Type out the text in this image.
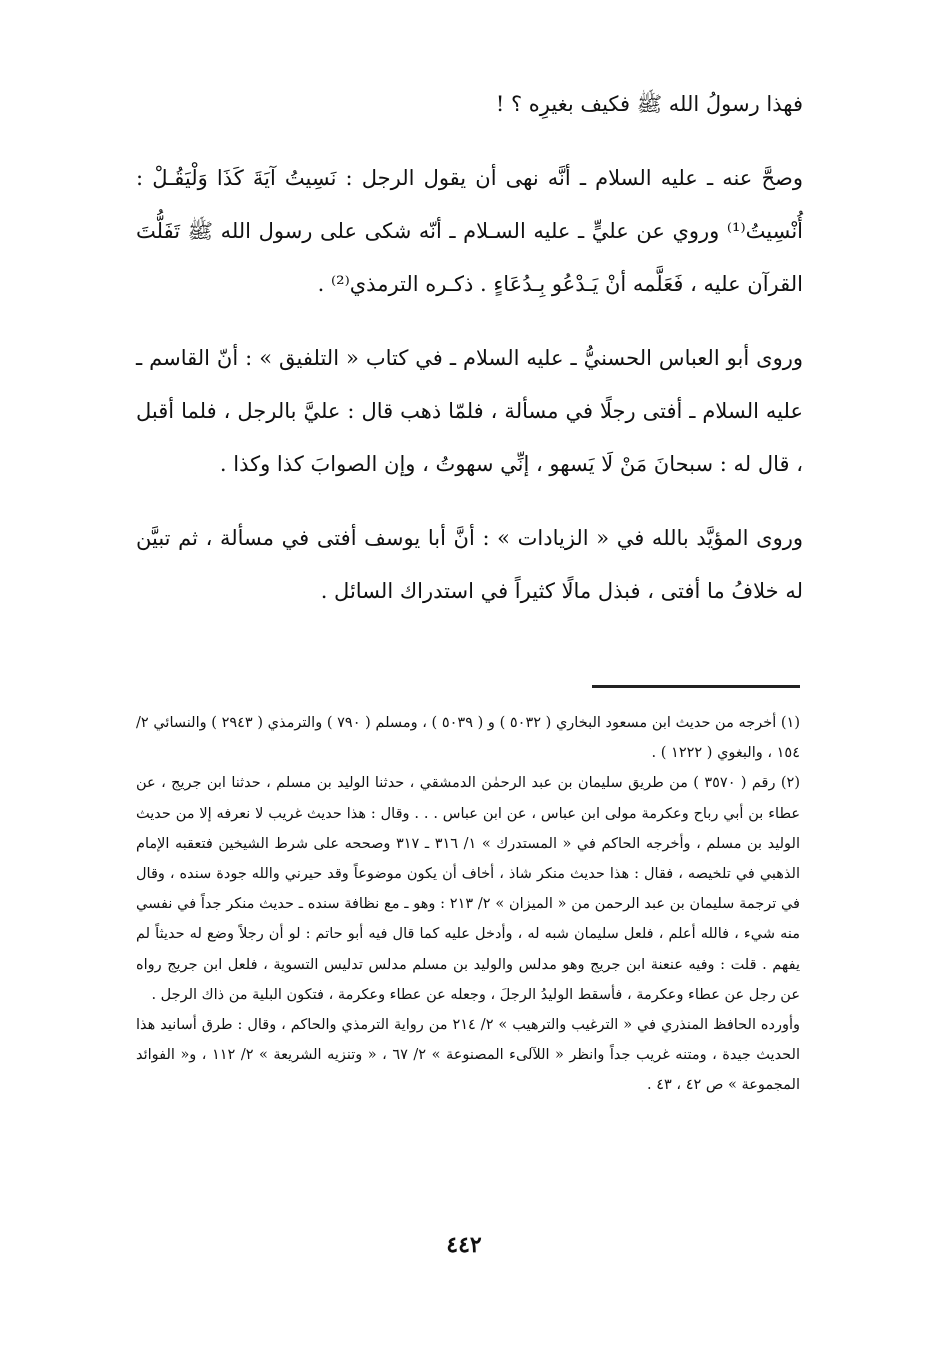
فهذا رسولُ الله ﷺ فكيف بغيرِه ؟ !

وصحَّ عنه ـ عليه السلام ـ أنَّه نهى أن يقول الرجل : نَسِيتُ آيَةَ كَذَا وَلْيَقُـلْ : أُنْسِيتُ⁽¹⁾ وروي عن عليٍّ ـ عليه السـلام ـ أنّه شكى على رسول الله ﷺ تَفَلُّتَ القرآن عليه ، فَعَلَّمه أنْ يَـدْعُو بِـدُعَاءٍ . ذكـره الترمذي⁽²⁾ .

وروى أبو العباس الحسنيُّ ـ عليه السلام ـ في كتاب « التلفيق » : أنّ القاسم ـ عليه السلام ـ أفتى رجلًا في مسألة ، فلمّا ذهب قال : عليَّ بالرجل ، فلما أقبل ، قال له : سبحانَ مَنْ لَا يَسهو ، إنِّي سهوتُ ، وإن الصوابَ كذا وكذا .

وروى المؤيَّد بالله في « الزيادات » : أنَّ أبا يوسف أفتى في مسألة ، ثم تبيَّن له خلافُ ما أفتى ، فبذل مالًا كثيراً في استدراك السائل .

(١) أخرجه من حديث ابن مسعود البخاري ( ٥٠٣٢ ) و ( ٥٠٣٩ ) ، ومسلم ( ٧٩٠ ) والترمذي ( ٢٩٤٣ ) والنسائي ٢/ ١٥٤ ، والبغوي ( ١٢٢٢ ) .

(٢) رقم ( ٣٥٧٠ ) من طريق سليمان بن عبد الرحمٰن الدمشقي ، حدثنا الوليد بن مسلم ، حدثنا ابن جريج ، عن عطاء بن أبي رباح وعكرمة مولى ابن عباس ، عن ابن عباس . . . وقال : هذا حديث غريب لا نعرفه إلا من حديث الوليد بن مسلم ، وأخرجه الحاكم في « المستدرك » ١/ ٣١٦ ـ ٣١٧ وصححه على شرط الشيخين فتعقبه الإمام الذهبي في تلخيصه ، فقال : هذا حديث منكر شاذ ، أخاف أن يكون موضوعاً وقد حيرني والله جودة سنده ، وقال في ترجمة سليمان بن عبد الرحمن من « الميزان » ٢/ ٢١٣ : وهو ـ مع نظافة سنده ـ حديث منكر جداً في نفسي منه شيء ، فالله أعلم ، فلعل سليمان شبه له ، وأدخل عليه كما قال فيه أبو حاتم : لو أن رجلاً وضع له حديثاً لم يفهم . قلت : وفيه عنعنة ابن جريج وهو مدلس والوليد بن مسلم مدلس تدليس التسوية ، فلعل ابن جريج رواه عن رجل عن عطاء وعكرمة ، فأسقط الوليدُ الرجلَ ، وجعله عن عطاء وعكرمة ، فتكون البلية من ذاك الرجل .

وأورده الحافظ المنذري في « الترغيب والترهيب » ٢/ ٢١٤ من رواية الترمذي والحاكم ، وقال : طرق أسانيد هذا الحديث جيدة ، ومتنه غريب جداً وانظر « اللآلىء المصنوعة » ٢/ ٦٧ ، « وتنزيه الشريعة » ٢/ ١١٢ ، و« الفوائد المجموعة » ص ٤٢ ، ٤٣ .

٤٤٢
